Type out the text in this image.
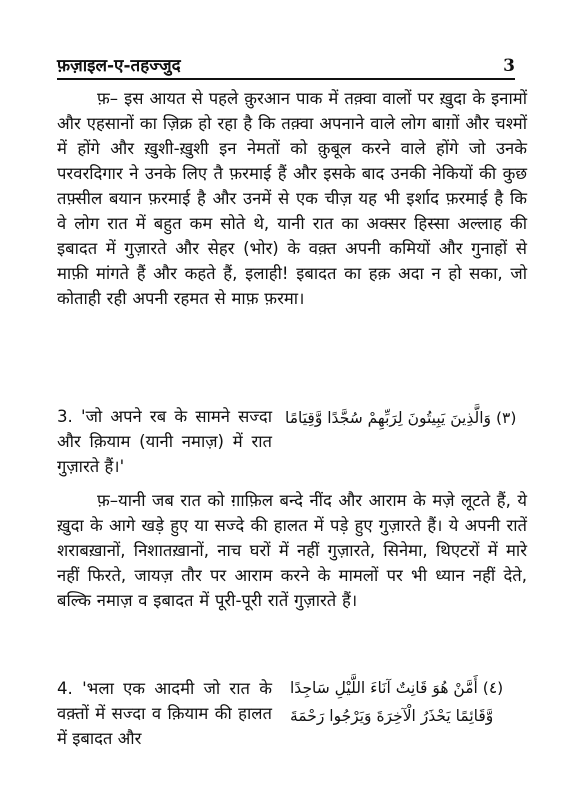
फ़ज़ाइल-ए-तहज्जुद	3
फ़– इस आयत से पहले क़ुरआन पाक में तक़्वा वालों पर ख़ुदा के इनामों और एहसानों का ज़िक्र हो रहा है कि तक़्वा अपनाने वाले लोग बाग़ों और चश्मों में होंगे और ख़ुशी-ख़ुशी इन नेमतों को क़ुबूल करने वाले होंगे जो उनके परवरदिगार ने उनके लिए तै फ़रमाई हैं और इसके बाद उनकी नेकियों की कुछ तफ़्सील बयान फ़रमाई है और उनमें से एक चीज़ यह भी इर्शाद फ़रमाई है कि वे लोग रात में बहुत कम सोते थे, यानी रात का अक्सर हिस्सा अल्लाह की इबादत में गुज़ारते और सेहर (भोर) के वक़्त अपनी कमियों और गुनाहों से माफ़ी मांगते हैं और कहते हैं, इलाही! इबादत का हक़ अदा न हो सका, जो कोताही रही अपनी रहमत से माफ़ फ़रमा।
3. 'जो अपने रब के सामने सज्दा और क़ियाम (यानी नमाज़) में रात गुज़ारते हैं।'
(٣) وَالَّذِينَ يَبِيتُونَ لِرَبِّهِمْ سُجَّدًا وَّقِيَامًا
फ़–यानी जब रात को ग़ाफ़िल बन्दे नींद और आराम के मज़े लूटते हैं, ये ख़ुदा के आगे खड़े हुए या सज्दे की हालत में पड़े हुए गुज़ारते हैं। ये अपनी रातें शराबख़ानों, निशातख़ानों, नाच घरों में नहीं गुज़ारते, सिनेमा, थिएटरों में मारे नहीं फिरते, जायज़ तौर पर आराम करने के मामलों पर भी ध्यान नहीं देते, बल्कि नमाज़ व इबादत में पूरी-पूरी रातें गुज़ारते हैं।
4. 'भला एक आदमी जो रात के वक़्तों में सज्दा व क़ियाम की हालत में इबादत और
(٤) أَمَّنْ هُوَ قَانِتٌ آنَاءَ اللَّيْلِ سَاجِدًا
وَّقَائِمًا يَحْذَرُ الْآخِرَةَ وَيَرْجُوا رَحْمَةَ
